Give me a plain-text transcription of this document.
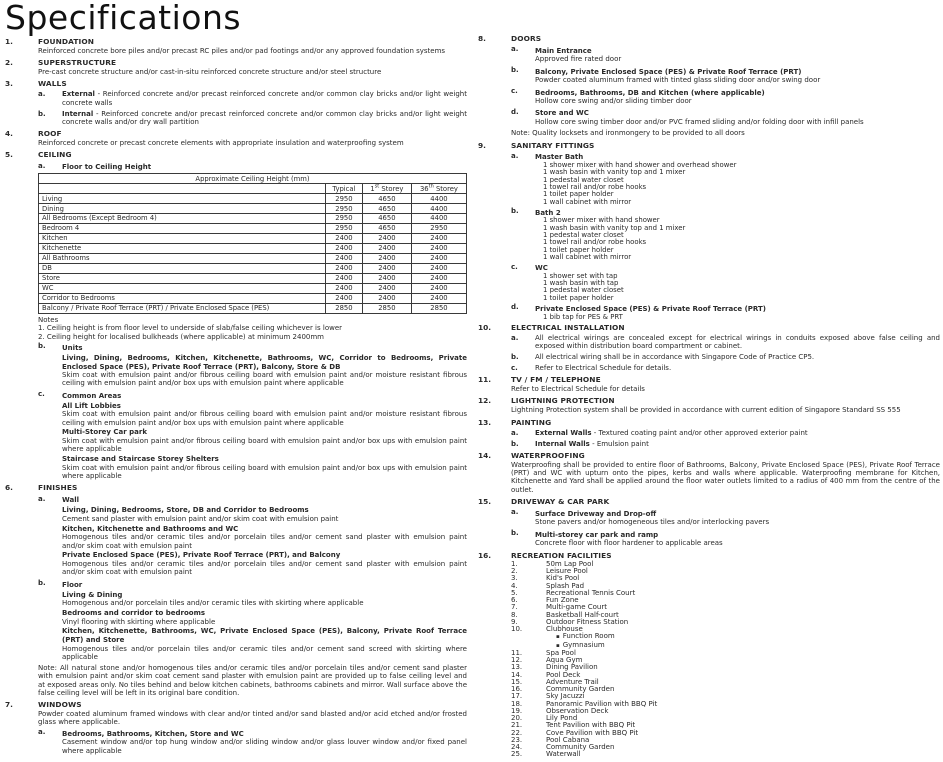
Specifications
1.	FOUNDATION
Reinforced concrete bore piles and/or precast RC piles and/or pad footings and/or any approved foundation systems
2.	SUPERSTRUCTURE
Pre-cast concrete structure and/or cast-in-situ reinforced concrete structure and/or steel structure
3.	WALLS
a.	External - Reinforced concrete and/or precast reinforced concrete and/or common clay bricks and/or light weight concrete walls
b.	Internal - Reinforced concrete and/or precast reinforced concrete and/or common clay bricks and/or light weight concrete walls and/or dry wall partition
4.	ROOF
Reinforced concrete or precast concrete elements with appropriate insulation and waterproofing system
5.	CEILING
a.	Floor to Ceiling Height
Approximate Ceiling Height (mm)			
	Typical	1st Storey	36th Storey
Living	2950	4650	4400
Dining	2950	4650	4400
All Bedrooms (Except Bedroom 4)	2950	4650	4400
Bedroom 4	2950	4650	2950
Kitchen	2400	2400	2400
Kitchenette	2400	2400	2400
All Bathrooms	2400	2400	2400
DB	2400	2400	2400
Store	2400	2400	2400
WC	2400	2400	2400
Corridor to Bedrooms	2400	2400	2400
Balcony / Private Roof Terrace (PRT) / Private Enclosed Space (PES)	2850	2850	2850
Notes
1. Ceiling height is from floor level to underside of slab/false ceiling whichever is lower
2. Ceiling height for localised bulkheads (where applicable) at minimum 2400mm
b.	Units
Living, Dining, Bedrooms, Kitchen, Kitchenette, Bathrooms, WC, Corridor to Bedrooms, Private Enclosed Space (PES), Private Roof Terrace (PRT), Balcony, Store & DB
Skim coat with emulsion paint and/or fibrous ceiling board with emulsion paint and/or moisture resistant fibrous ceiling with emulsion paint and/or box ups with emulsion paint where applicable
c.	Common Areas
All Lift Lobbies
Skim coat with emulsion paint and/or fibrous ceiling board with emulsion paint and/or moisture resistant fibrous ceiling with emulsion paint and/or box ups with emulsion paint where applicable
Multi-Storey Car park
Skim coat with emulsion paint and/or fibrous ceiling board with emulsion paint and/or box ups with emulsion paint where applicable
Staircase and Staircase Storey Shelters
Skim coat with emulsion paint and/or fibrous ceiling board with emulsion paint and/or box ups with emulsion paint where applicable
6.	FINISHES
a.	Wall
Living, Dining, Bedrooms, Store, DB and Corridor to Bedrooms
Cement sand plaster with emulsion paint and/or skim coat with emulsion paint
Kitchen, Kitchenette and Bathrooms and WC
Homogenous tiles and/or ceramic tiles and/or porcelain tiles and/or cement sand plaster with emulsion paint and/or skim coat with emulsion paint
Private Enclosed Space (PES), Private Roof Terrace (PRT), and Balcony
Homogenous tiles and/or ceramic tiles and/or porcelain tiles and/or cement sand plaster with emulsion paint and/or skim coat with emulsion paint
b.	Floor
Living & Dining
Homogenous and/or porcelain tiles and/or ceramic tiles with skirting where applicable
Bedrooms and corridor to bedrooms
Vinyl flooring with skirting where applicable
Kitchen, Kitchenette, Bathrooms, WC, Private Enclosed Space (PES), Balcony, Private Roof Terrace (PRT) and Store
Homogenous tiles and/or porcelain tiles and/or ceramic tiles and/or cement sand screed with skirting where applicable
Note: All natural stone and/or homogenous tiles and/or ceramic tiles and/or porcelain tiles and/or cement sand plaster with emulsion paint and/or skim coat cement sand plaster with emulsion paint are provided up to false ceiling level and at exposed areas only. No tiles behind and below kitchen cabinets, bathrooms cabinets and mirror. Wall surface above the false ceiling level will be left in its original bare condition.
7.	WINDOWS
Powder coated aluminum framed windows with clear and/or tinted and/or sand blasted and/or acid etched and/or frosted glass where applicable.
a.	Bedrooms, Bathrooms, Kitchen, Store and WC
Casement window and/or top hung window and/or sliding window and/or glass louver window and/or fixed panel where applicable
8.	DOORS
a.	Main Entrance
Approved fire rated door
b.	Balcony, Private Enclosed Space (PES) & Private Roof Terrace (PRT)
Powder coated aluminum framed with tinted glass sliding door and/or swing door
c.	Bedrooms, Bathrooms, DB and Kitchen (where applicable)
Hollow core swing and/or sliding timber door
d.	Store and WC
Hollow core swing timber door and/or PVC framed sliding and/or folding door with infill panels
Note: Quality locksets and ironmongery to be provided to all doors
9.	SANITARY FITTINGS
a.	Master Bath
1 shower mixer with hand shower and overhead shower
1 wash basin with vanity top and 1 mixer
1 pedestal water closet
1 towel rail and/or robe hooks
1 toilet paper holder
1 wall cabinet with mirror
b.	Bath 2
1 shower mixer with hand shower
1 wash basin with vanity top and 1 mixer
1 pedestal water closet
1 towel rail and/or robe hooks
1 toilet paper holder
1 wall cabinet with mirror
c.	WC
1 shower set with tap
1 wash basin with tap
1 pedestal water closet
1 toilet paper holder
d.	Private Enclosed Space (PES) & Private Roof Terrace (PRT)
1 bib tap for PES & PRT
10.	ELECTRICAL INSTALLATION
a.	All electrical wirings are concealed except for electrical wirings in conduits exposed above false ceiling and exposed within distribution board compartment or cabinet.
b.	All electrical wiring shall be in accordance with Singapore Code of Practice CP5.
c.	Refer to Electrical Schedule for details.
11.	TV / FM / TELEPHONE
Refer to Electrical Schedule for details
12.	LIGHTNING PROTECTION
Lightning Protection system shall be provided in accordance with current edition of Singapore Standard SS 555
13.	PAINTING
a.	External Walls - Textured coating paint and/or other approved exterior paint
b.	Internal Walls - Emulsion paint
14.	WATERPROOFING
Waterproofing shall be provided to entire floor of Bathrooms, Balcony, Private Enclosed Space (PES), Private Roof Terrace (PRT) and WC with upturn onto the pipes, kerbs and walls where applicable. Waterproofing membrane for Kitchen, Kitchenette and Yard shall be applied around the floor water outlets limited to a radius of 400 mm from the centre of the outlet.
15.	DRIVEWAY & CAR PARK
a.	Surface Driveway and Drop-off
Stone pavers and/or homogeneous tiles and/or interlocking pavers
b.	Multi-storey car park and ramp
Concrete floor with floor hardener to applicable areas
16.	RECREATION FACILITIES
1.	50m Lap Pool
2.	Leisure Pool
3.	Kid's Pool
4.	Splash Pad
5.	Recreational Tennis Court
6.	Fun Zone
7.	Multi-game Court
8.	Basketball Half-court
9.	Outdoor Fitness Station
10.	Clubhouse
▪ Function Room
▪ Gymnasium
11.	Spa Pool
12.	Aqua Gym
13.	Dining Pavilion
14.	Pool Deck
15.	Adventure Trail
16.	Community Garden
17.	Sky Jacuzzi
18.	Panoramic Pavilion with BBQ Pit
19.	Observation Deck
20.	Lily Pond
21.	Tent Pavilion with BBQ Pit
22.	Cove Pavilion with BBQ Pit
23.	Pool Cabana
24.	Community Garden
25.	Waterwall
